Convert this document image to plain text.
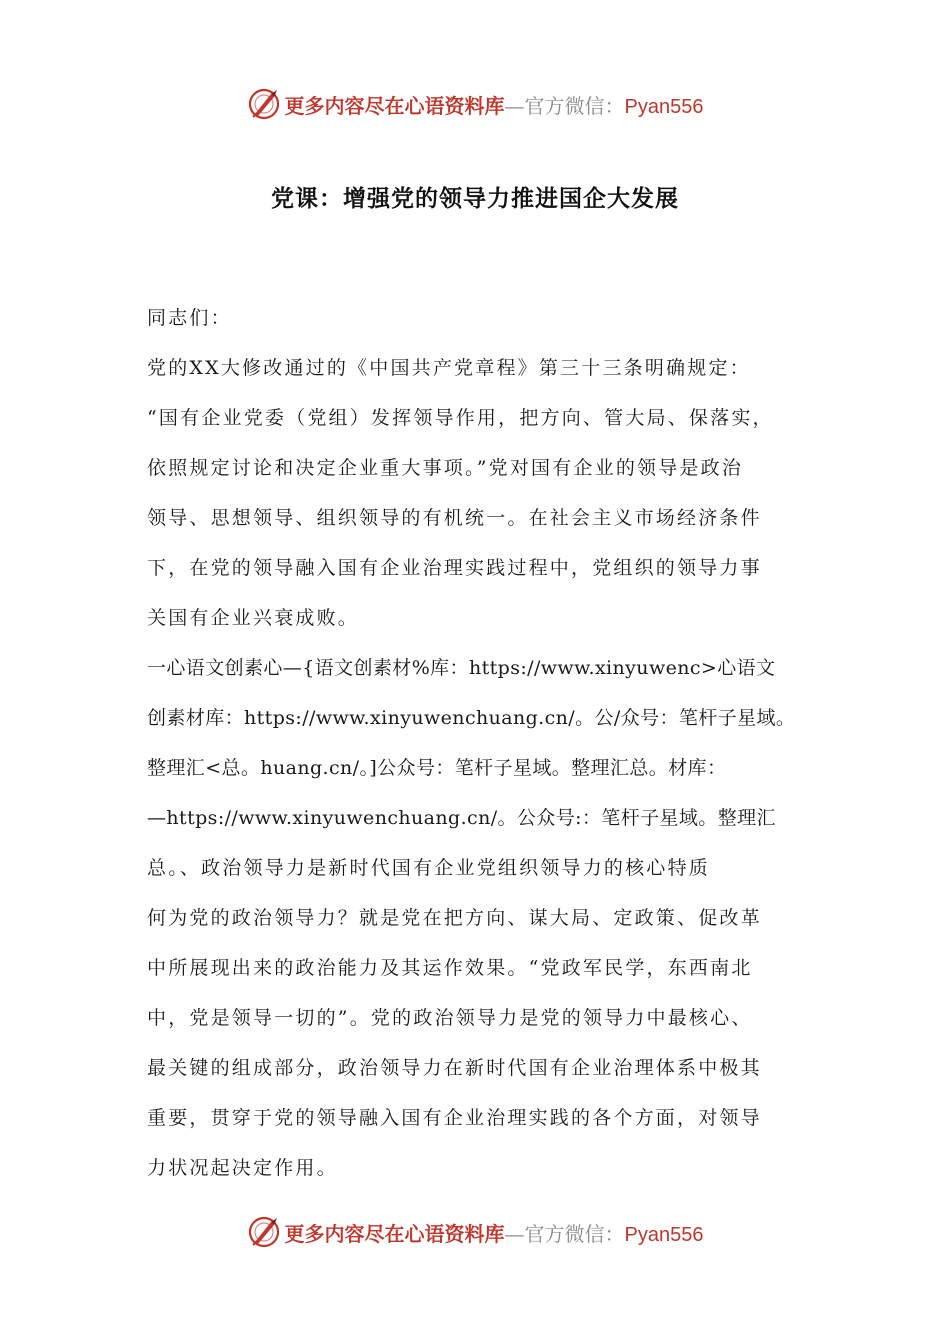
更多内容尽在心语资料库—官方微信：Pyan556
党课：增强党的领导力推进国企大发展
同志们：
党的XX大修改通过的《中国共产党章程》第三十三条明确规定：
“国有企业党委（党组）发挥领导作用，把方向、管大局、保落实，
依照规定讨论和决定企业重大事项。”党对国有企业的领导是政治
领导、思想领导、组织领导的有机统一。在社会主义市场经济条件
下，在党的领导融入国有企业治理实践过程中，党组织的领导力事
关国有企业兴衰成败。
一心语文创素心—{语文创素材%库：https://www.xinyuwenc>心语文
创素材库：https://www.xinyuwenchuang.cn/。公/众号：笔杆子星域。
整理汇<总。huang.cn/。]公众号：笔杆子星域。整理汇总。材库：
—https://www.xinyuwenchuang.cn/。公众号:：笔杆子星域。整理汇
总。、政治领导力是新时代国有企业党组织领导力的核心特质
何为党的政治领导力？就是党在把方向、谋大局、定政策、促改革
中所展现出来的政治能力及其运作效果。“党政军民学，东西南北
中，党是领导一切的”。党的政治领导力是党的领导力中最核心、
最关键的组成部分，政治领导力在新时代国有企业治理体系中极其
重要，贯穿于党的领导融入国有企业治理实践的各个方面，对领导
力状况起决定作用。
更多内容尽在心语资料库—官方微信：Pyan556
